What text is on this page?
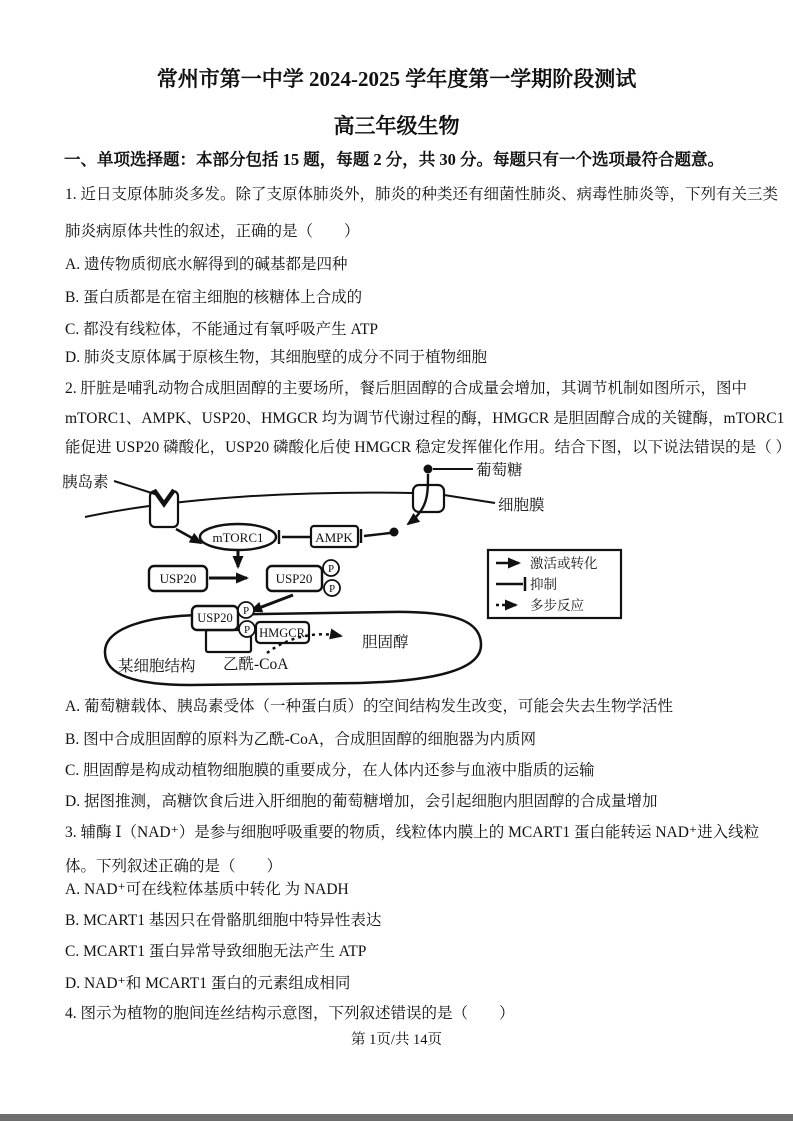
常州市第一中学 2024-2025 学年度第一学期阶段测试
高三年级生物
一、单项选择题：本部分包括 15 题，每题 2 分，共 30 分。每题只有一个选项最符合题意。
1. 近日支原体肺炎多发。除了支原体肺炎外，肺炎的种类还有细菌性肺炎、病毒性肺炎等，下列有关三类
肺炎病原体共性的叙述，正确的是（　　）
A. 遗传物质彻底水解得到的碱基都是四种
B. 蛋白质都是在宿主细胞的核糖体上合成的
C. 都没有线粒体，不能通过有氧呼吸产生 ATP
D. 肺炎支原体属于原核生物，其细胞壁的成分不同于植物细胞
2. 肝脏是哺乳动物合成胆固醇的主要场所，餐后胆固醇的合成量会增加，其调节机制如图所示，图中
mTORC1、AMPK、USP20、HMGCR 均为调节代谢过程的酶，HMGCR 是胆固醇合成的关键酶，mTORC1
能促进 USP20 磷酸化，USP20 磷酸化后使 HMGCR 稳定发挥催化作用。结合下图，以下说法错误的是（ ）
胰岛素
葡萄糖
细胞膜
mTORC1	AMPK
USP20	USP20
P
P
USP20 P
P HMGCR
胆固醇
乙酰-CoA
某细胞结构
激活或转化
抑制
多步反应
A. 葡萄糖载体、胰岛素受体（一种蛋白质）的空间结构发生改变，可能会失去生物学活性
B. 图中合成胆固醇的原料为乙酰-CoA，合成胆固醇的细胞器为内质网
C. 胆固醇是构成动植物细胞膜的重要成分，在人体内还参与血液中脂质的运输
D. 据图推测，高糖饮食后进入肝细胞的葡萄糖增加，会引起细胞内胆固醇的合成量增加
3. 辅酶 Ⅰ（NAD⁺）是参与细胞呼吸重要的物质，线粒体内膜上的 MCART1 蛋白能转运 NAD⁺进入线粒
体。下列叙述正确的是（　　）
A. NAD⁺可在线粒体基质中转化 为 NADH
B. MCART1 基因只在骨骼肌细胞中特异性表达
C. MCART1 蛋白异常导致细胞无法产生 ATP
D. NAD⁺和 MCART1 蛋白的元素组成相同
4. 图示为植物的胞间连丝结构示意图，下列叙述错误的是（　　）
第 1页/共 14页
